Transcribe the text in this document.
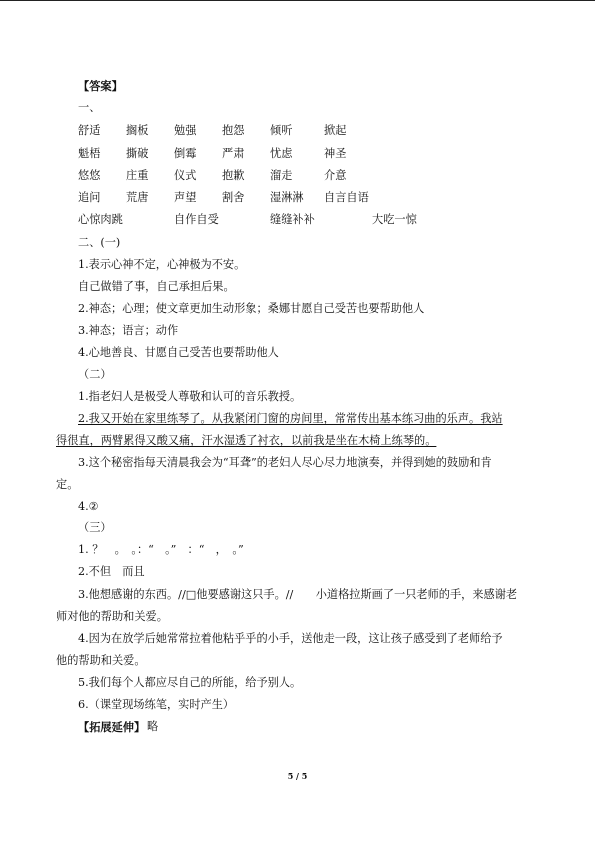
【答案】
一、
舒适 搁板 勉强 抱怨 倾听	掀起
魁梧 撕破 倒霉 严肃 忧虑	神圣
悠悠 庄重 仪式 抱歉 溜走	介意
追问 荒唐 声望 割舍 湿淋淋 自言自语
心惊肉跳	自作自受	缝缝补补	大吃一惊
二、(一)
1.表示心神不定，心神极为不安。
自己做错了事，自己承担后果。
2.神态；心理；使文章更加生动形象；桑娜甘愿自己受苦也要帮助他人
3.神态；语言；动作
4.心地善良、甘愿自己受苦也要帮助他人
（二）
1.指老妇人是极受人尊敬和认可的音乐教授。
2.我又开始在家里练琴了。从我紧闭门窗的房间里，常常传出基本练习曲的乐声。我站
得很直，两臂累得又酸又痛，汗水湿透了衬衣，以前我是坐在木椅上练琴的。
3.这个秘密指每天清晨我会为“耳聋”的老妇人尽心尽力地演奏，并得到她的鼓励和肯
定。
4.②
（三）
1. ？　。　。：“　。”　：“　，　。”
2.不但　而且
3.他想感谢的东西。//□他要感谢这只手。//　　小道格拉斯画了一只老师的手，来感谢老
师对他的帮助和关爱。
4.因为在放学后她常常拉着他粘乎乎的小手，送他走一段，这让孩子感受到了老师给予
他的帮助和关爱。
5.我们每个人都应尽自己的所能，给予别人。
6.（课堂现场练笔，实时产生）
【拓展延伸】 略
5 / 5
